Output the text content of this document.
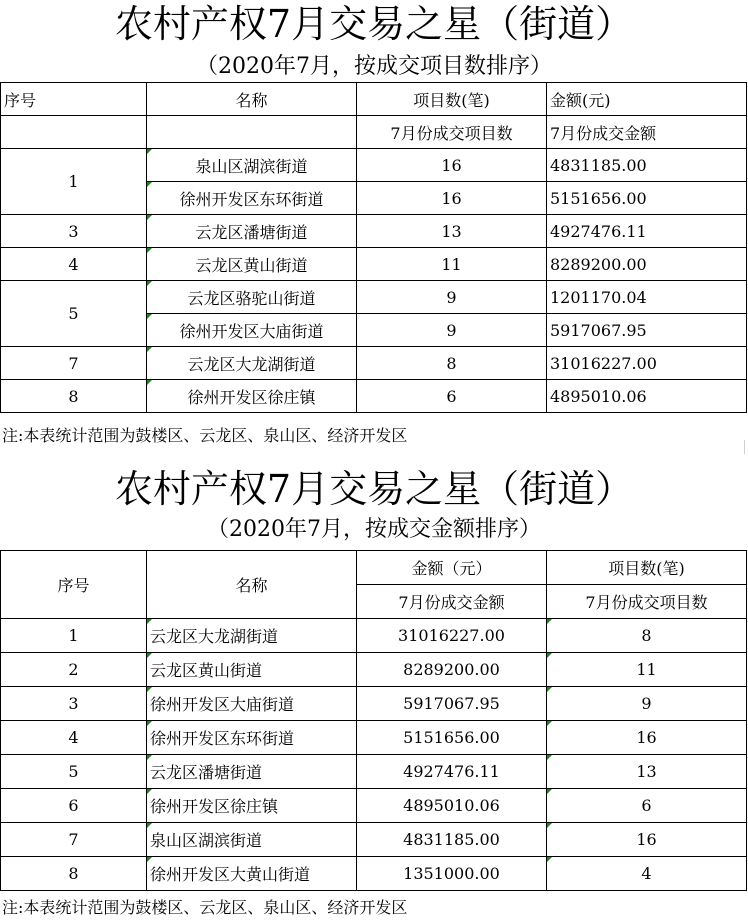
农村产权7月交易之星（街道）
（2020年7月，按成交项目数排序）
序号	名称	项目数(笔)	金额(元)
		7月份成交项目数	7月份成交金额
1	泉山区湖滨街道	16	4831185.00
	徐州开发区东环街道	16	5151656.00
3	云龙区潘塘街道	13	4927476.11
4	云龙区黄山街道	11	8289200.00
5	云龙区骆驼山街道	9	1201170.04
	徐州开发区大庙街道	9	5917067.95
7	云龙区大龙湖街道	8	31016227.00
8	徐州开发区徐庄镇	6	4895010.06
注:本表统计范围为鼓楼区、云龙区、泉山区、经济开发区
农村产权7月交易之星（街道）
（2020年7月，按成交金额排序）
序号	名称	金额（元）	项目数(笔)
		7月份成交金额	7月份成交项目数
1	云龙区大龙湖街道	31016227.00	8
2	云龙区黄山街道	8289200.00	11
3	徐州开发区大庙街道	5917067.95	9
4	徐州开发区东环街道	5151656.00	16
5	云龙区潘塘街道	4927476.11	13
6	徐州开发区徐庄镇	4895010.06	6
7	泉山区湖滨街道	4831185.00	16
8	徐州开发区大黄山街道	1351000.00	4
注:本表统计范围为鼓楼区、云龙区、泉山区、经济开发区
